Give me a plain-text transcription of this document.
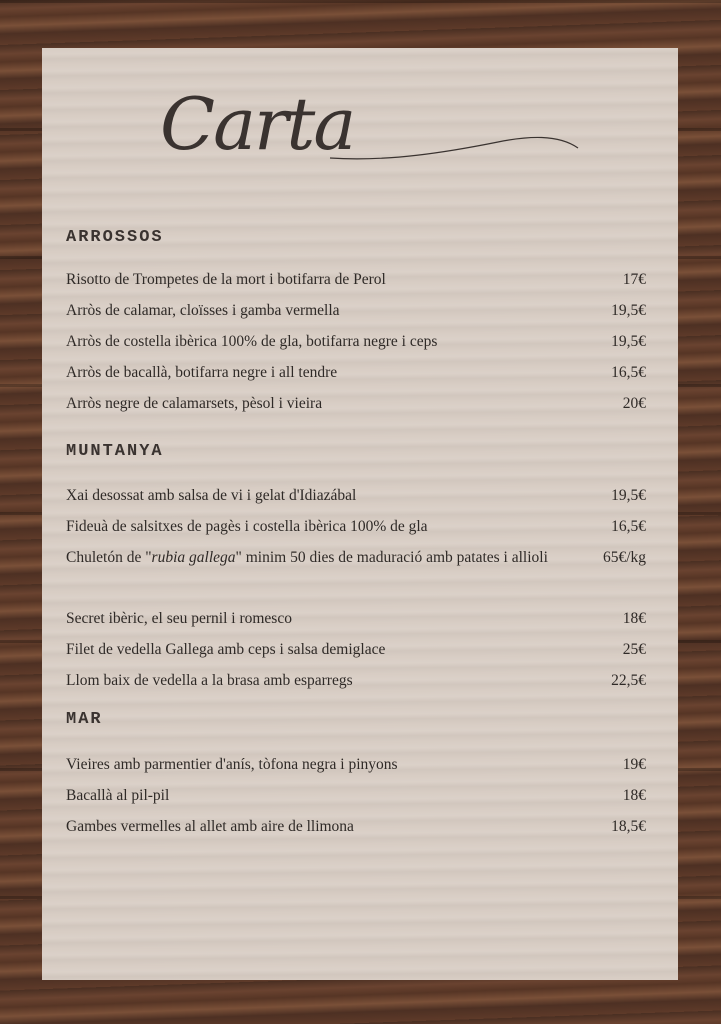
Carta
ARROSSOS
Risotto de Trompetes de la mort i botifarra de Perol	17€
Arròs de calamar, cloïsses i gamba vermella	19,5€
Arròs de costella ibèrica 100% de gla, botifarra negre i ceps	19,5€
Arròs de bacallà, botifarra negre i all tendre	16,5€
Arròs negre de calamarsets, pèsol i vieira	20€
MUNTANYA
Xai desossat amb salsa de vi i gelat d'Idiazábal	19,5€
Fideuà de salsitxes de pagès i costella ibèrica 100% de gla	16,5€
Chuletón de "rubia gallega" minim 50 dies de maduració amb patates i allioli	65€/kg
Secret ibèric, el seu pernil i romesco	18€
Filet de vedella Gallega amb ceps i salsa demiglace	25€
Llom baix de vedella a la brasa amb esparregs	22,5€
MAR
Vieires amb parmentier d'anís, tòfona negra i pinyons	19€
Bacallà al pil-pil	18€
Gambes vermelles al allet amb aire de llimona	18,5€
